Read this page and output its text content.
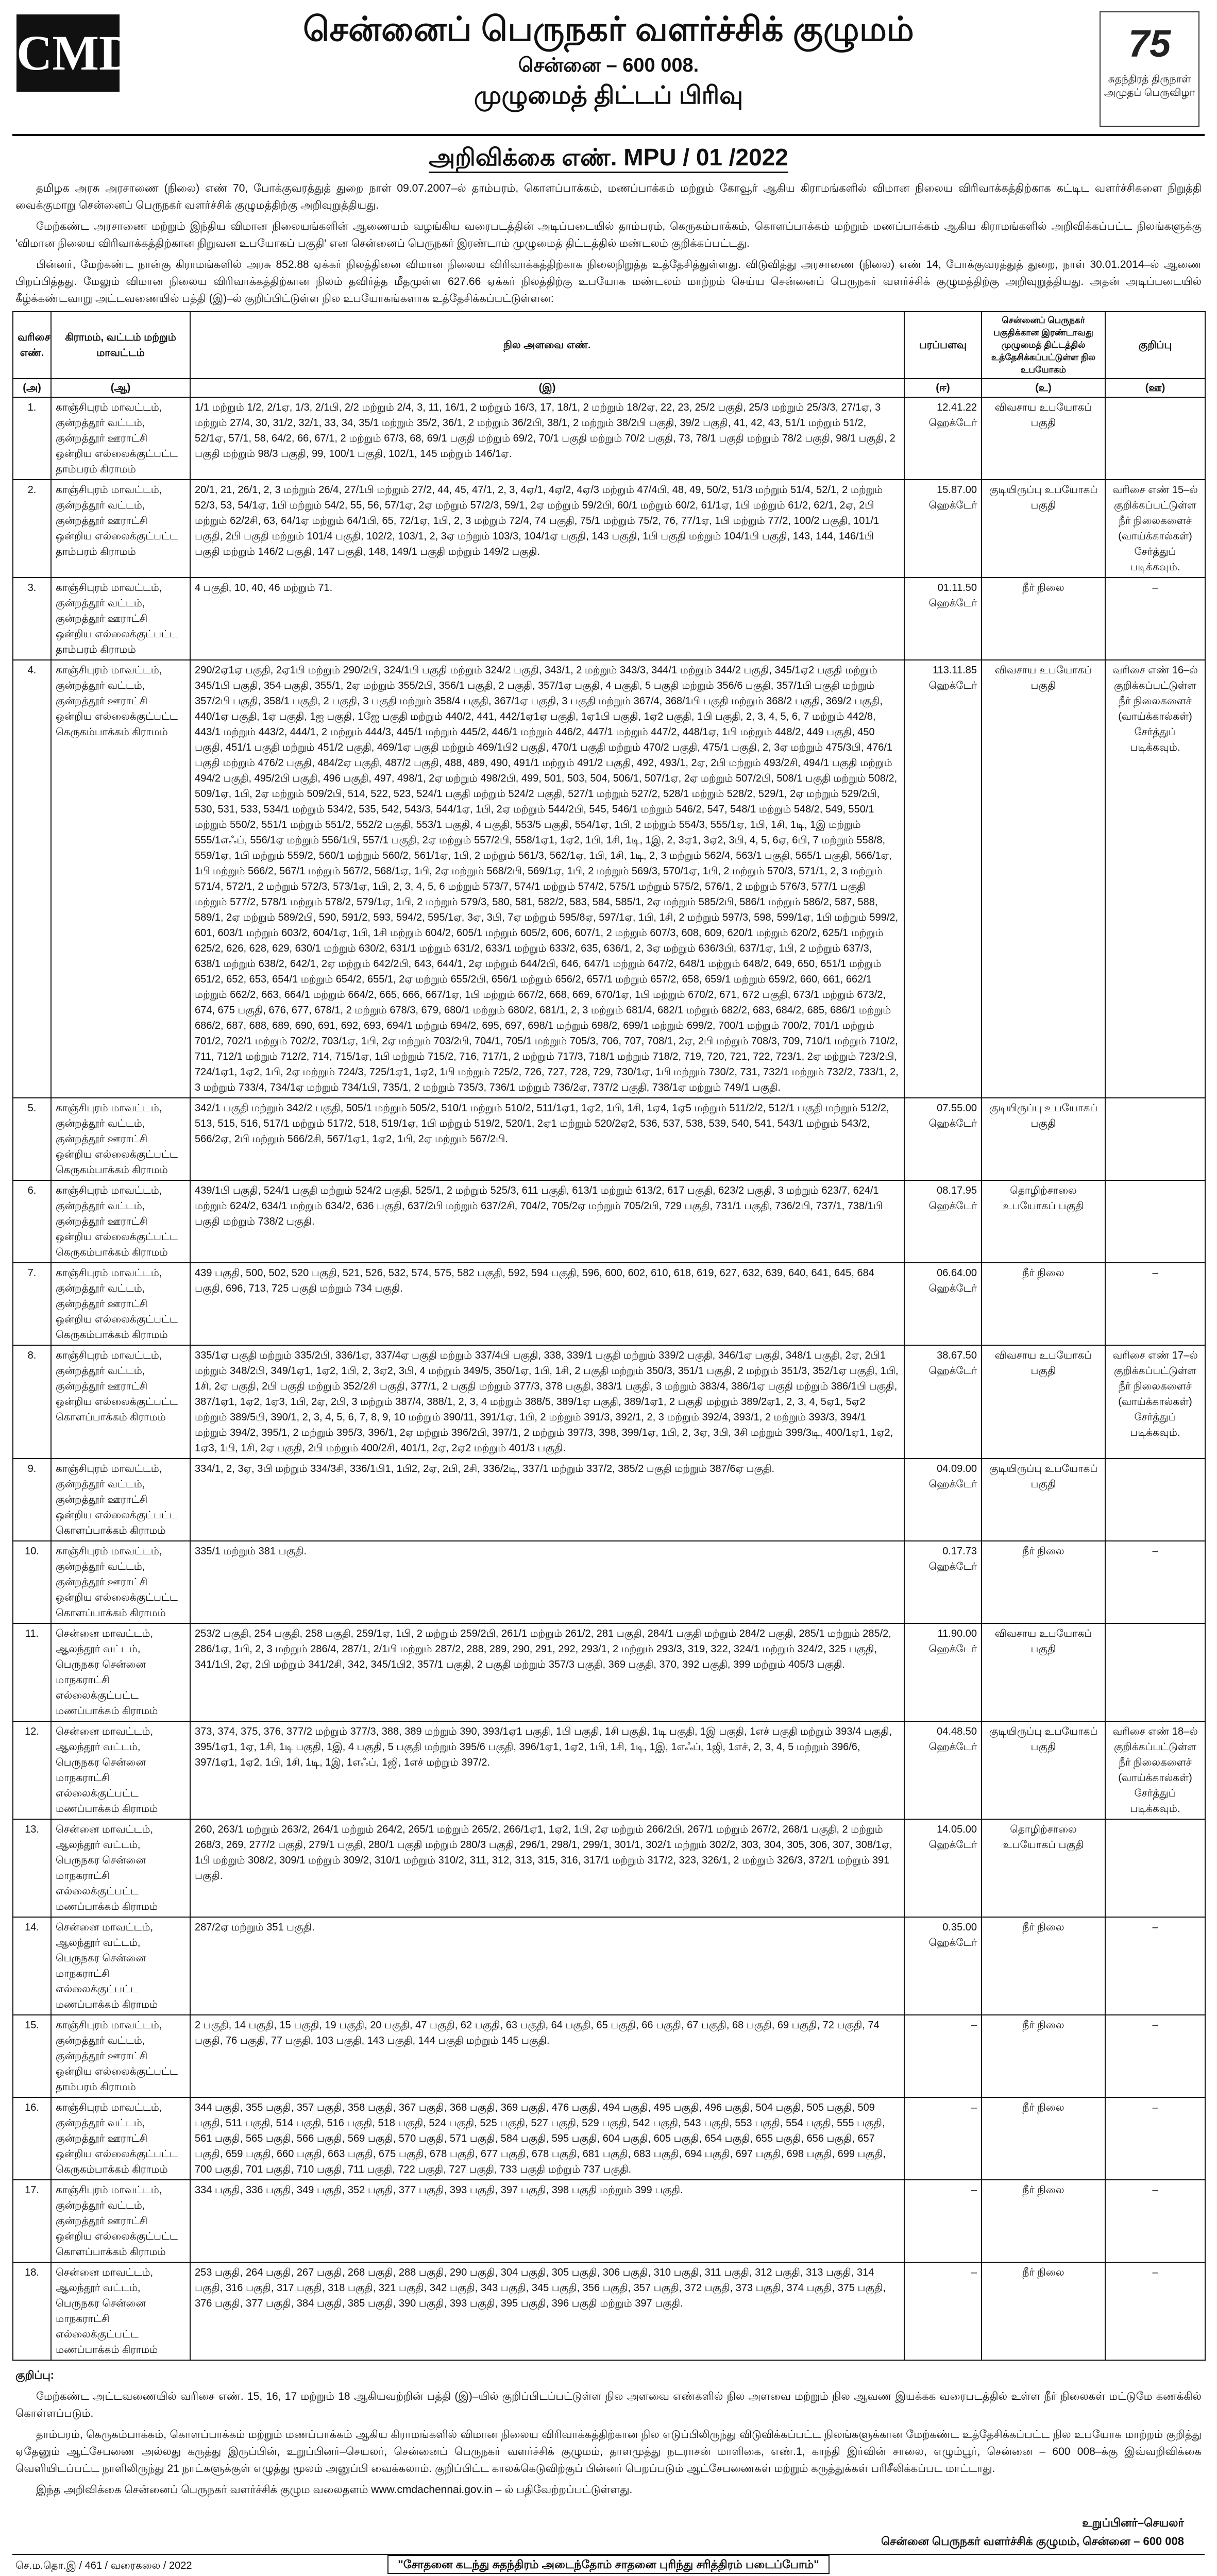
CMDA	சென்னைப் பெருநகர் வளர்ச்சிக் குழுமம்
சென்னை – 600 008.
முழுமைத் திட்டப் பிரிவு
75
சுதந்திரத் திருநாள் அமுதப் பெருவிழா
அறிவிக்கை எண். MPU / 01 /2022

தமிழக அரசு அரசாணை (நிலை) எண் 70, போக்குவரத்துத் துறை நாள் 09.07.2007–ல் தாம்பரம், கொளப்பாக்கம், மணப்பாக்கம் மற்றும் கோவூர் ஆகிய கிராமங்களில் விமான நிலைய விரிவாக்கத்திற்காக கட்டிட வளர்ச்சிகளை நிறுத்தி வைக்குமாறு சென்னைப் பெருநகர் வளர்ச்சிக் குழுமத்திற்கு அறிவுறுத்தியது.

மேற்கண்ட அரசாணை மற்றும் இந்திய விமான நிலையங்களின் ஆணையம் வழங்கிய வரைபடத்தின் அடிப்படையில் தாம்பரம், கெருகம்பாக்கம், கொளப்பாக்கம் மற்றும் மணப்பாக்கம் ஆகிய கிராமங்களில் அறிவிக்கப்பட்ட நிலங்களுக்கு 'விமான நிலைய விரிவாக்கத்திற்கான நிறுவன உபயோகப் பகுதி' என சென்னைப் பெருநகர் இரண்டாம் முழுமைத் திட்டத்தில் மண்டலம் குறிக்கப்பட்டது.

பின்னர், மேற்கண்ட நான்கு கிராமங்களில் அரசு 852.88 ஏக்கர் நிலத்தினை விமான நிலைய விரிவாக்கத்திற்காக நிலைநிறுத்த உத்தேசித்துள்ளது. விடுவித்து அரசாணை (நிலை) எண் 14, போக்குவரத்துத் துறை, நாள் 30.01.2014–ல் ஆணை பிறப்பித்தது. மேலும் விமான நிலைய விரிவாக்கத்திற்கான நிலம் தவிர்த்த மீதமுள்ள 627.66 ஏக்கர் நிலத்திற்கு உபயோக மண்டலம் மாற்றம் செய்ய சென்னைப் பெருநகர் வளர்ச்சிக் குழுமத்திற்கு அறிவுறுத்தியது. அதன் அடிப்படையில் கீழ்க்கண்டவாறு அட்டவணையில் பத்தி (இ)–ல் குறிப்பிட்டுள்ள நில உபயோகங்களாக உத்தேசிக்கப்பட்டுள்ளன:

வரிசை எண்.	கிராமம், வட்டம் மற்றும் மாவட்டம்	நில அளவை எண்.	பரப்பளவு	சென்னைப் பெருநகர் பகுதிக்கான இரண்டாவது முழுமைத் திட்டத்தில் உத்தேசிக்கப்பட்டுள்ள நில உபயோகம்	குறிப்பு
(அ)	(ஆ)	(இ)	(ஈ)	(உ)	(ஊ)
1.	காஞ்சிபுரம் மாவட்டம், குன்றத்தூர் வட்டம், குன்றத்தூர் ஊராட்சி ஒன்றிய எல்லைக்குட்பட்ட தாம்பரம் கிராமம்	1/1 மற்றும் 1/2, 2/1ஏ, 1/3, 2/1பி, 2/2 மற்றும் 2/4, 3, 11, 16/1, 2 மற்றும் 16/3, 17, 18/1, 2 மற்றும் 18/2ஏ, 22, 23, 25/2 பகுதி, 25/3 மற்றும் 25/3/3, 27/1ஏ, 3 மற்றும் 27/4, 30, 31/2, 32/1, 33, 34, 35/1 மற்றும் 35/2, 36/1, 2 மற்றும் 36/2பி, 38/1, 2 மற்றும் 38/2பி பகுதி, 39/2 பகுதி, 41, 42, 43, 51/1 மற்றும் 51/2, 52/1ஏ, 57/1, 58, 64/2, 66, 67/1, 2 மற்றும் 67/3, 68, 69/1 பகுதி மற்றும் 69/2, 70/1 பகுதி மற்றும் 70/2 பகுதி, 73, 78/1 பகுதி மற்றும் 78/2 பகுதி, 98/1 பகுதி, 2 பகுதி மற்றும் 98/3 பகுதி, 99, 100/1 பகுதி, 102/1, 145 மற்றும் 146/1ஏ.	12.41.22 ஹெக்டேர்	விவசாய உபயோகப் பகுதி	
2.	காஞ்சிபுரம் மாவட்டம், குன்றத்தூர் வட்டம், குன்றத்தூர் ஊராட்சி ஒன்றிய எல்லைக்குட்பட்ட தாம்பரம் கிராமம்	20/1, 21, 26/1, 2, 3 மற்றும் 26/4, 27/1பி மற்றும் 27/2, 44, 45, 47/1, 2, 3, 4ஏ/1, 4ஏ/2, 4ஏ/3 மற்றும் 47/4பி, 48, 49, 50/2, 51/3 மற்றும் 51/4, 52/1, 2 மற்றும் 52/3, 53, 54/1ஏ, 1பி மற்றும் 54/2, 55, 56, 57/1ஏ, 2ஏ மற்றும் 57/2/3, 59/1, 2ஏ மற்றும் 59/2பி, 60/1 மற்றும் 60/2, 61/1ஏ, 1பி மற்றும் 61/2, 62/1, 2ஏ, 2பி மற்றும் 62/2சி, 63, 64/1ஏ மற்றும் 64/1பி, 65, 72/1ஏ, 1பி, 2, 3 மற்றும் 72/4, 74 பகுதி, 75/1 மற்றும் 75/2, 76, 77/1ஏ, 1பி மற்றும் 77/2, 100/2 பகுதி, 101/1 பகுதி, 2பி பகுதி மற்றும் 101/4 பகுதி, 102/2, 103/1, 2, 3ஏ மற்றும் 103/3, 104/1ஏ பகுதி, 143 பகுதி, 1பி பகுதி மற்றும் 104/1பி பகுதி, 143, 144, 146/1பி பகுதி மற்றும் 146/2 பகுதி, 147 பகுதி, 148, 149/1 பகுதி மற்றும் 149/2 பகுதி.	15.87.00 ஹெக்டேர்	குடியிருப்பு உபயோகப் பகுதி	வரிசை எண் 15–ல் குறிக்கப்பட்டுள்ள நீர் நிலைகளைச் (வாய்க்கால்கள்) சேர்த்துப் படிக்கவும்.
3.	காஞ்சிபுரம் மாவட்டம், குன்றத்தூர் வட்டம், குன்றத்தூர் ஊராட்சி ஒன்றிய எல்லைக்குட்பட்ட தாம்பரம் கிராமம்	4 பகுதி, 10, 40, 46 மற்றும் 71.	01.11.50 ஹெக்டேர்	நீர் நிலை	–
4.	காஞ்சிபுரம் மாவட்டம், குன்றத்தூர் வட்டம், குன்றத்தூர் ஊராட்சி ஒன்றிய எல்லைக்குட்பட்ட கெருகம்பாக்கம் கிராமம்	290/2ஏ1ஏ பகுதி, 2ஏ1பி மற்றும் 290/2பி, 324/1பி பகுதி மற்றும் 324/2 பகுதி, 343/1, 2 மற்றும் 343/3, 344/1 மற்றும் 344/2 பகுதி, 345/1ஏ2 பகுதி மற்றும் 345/1பி பகுதி, 354 பகுதி, 355/1, 2ஏ மற்றும் 355/2பி, 356/1 பகுதி, 2 பகுதி, 357/1ஏ பகுதி, 4 பகுதி, 5 பகுதி மற்றும் 356/6 பகுதி, 357/1பி பகுதி மற்றும் 357/2பி பகுதி, 358/1 பகுதி, 2 பகுதி, 3 பகுதி மற்றும் 358/4 பகுதி, 367/1ஏ பகுதி, 3 பகுதி மற்றும் 367/4, 368/1பி பகுதி மற்றும் 368/2 பகுதி, 369/2 பகுதி, 440/1ஏ பகுதி, 1ஏ பகுதி, 1ஐ பகுதி, 1ஜே பகுதி மற்றும் 440/2, 441, 442/1ஏ1ஏ பகுதி, 1ஏ1பி பகுதி, 1ஏ2 பகுதி, 1பி பகுதி, 2, 3, 4, 5, 6, 7 மற்றும் 442/8, 443/1 மற்றும் 443/2, 444/1, 2 மற்றும் 444/3, 445/1 மற்றும் 445/2, 446/1 மற்றும் 446/2, 447/1 மற்றும் 447/2, 448/1ஏ, 1பி மற்றும் 448/2, 449 பகுதி, 450 பகுதி, 451/1 பகுதி மற்றும் 451/2 பகுதி, 469/1ஏ பகுதி மற்றும் 469/1பி2 பகுதி, 470/1 பகுதி மற்றும் 470/2 பகுதி, 475/1 பகுதி, 2, 3ஏ மற்றும் 475/3பி, 476/1 பகுதி மற்றும் 476/2 பகுதி, 484/2ஏ பகுதி, 487/2 பகுதி, 488, 489, 490, 491/1 மற்றும் 491/2 பகுதி, 492, 493/1, 2ஏ, 2பி மற்றும் 493/2சி, 494/1 பகுதி மற்றும் 494/2 பகுதி, 495/2பி பகுதி, 496 பகுதி, 497, 498/1, 2ஏ மற்றும் 498/2பி, 499, 501, 503, 504, 506/1, 507/1ஏ, 2ஏ மற்றும் 507/2பி, 508/1 பகுதி மற்றும் 508/2, 509/1ஏ, 1பி, 2ஏ மற்றும் 509/2பி, 514, 522, 523, 524/1 பகுதி மற்றும் 524/2 பகுதி, 527/1 மற்றும் 527/2, 528/1 மற்றும் 528/2, 529/1, 2ஏ மற்றும் 529/2பி, 530, 531, 533, 534/1 மற்றும் 534/2, 535, 542, 543/3, 544/1ஏ, 1பி, 2ஏ மற்றும் 544/2பி, 545, 546/1 மற்றும் 546/2, 547, 548/1 மற்றும் 548/2, 549, 550/1 மற்றும் 550/2, 551/1 மற்றும் 551/2, 552/2 பகுதி, 553/1 பகுதி, 4 பகுதி, 553/5 பகுதி, 554/1ஏ, 1பி, 2 மற்றும் 554/3, 555/1ஏ, 1பி, 1சி, 1டி, 1இ மற்றும் 555/1எஃப், 556/1ஏ மற்றும் 556/1பி, 557/1 பகுதி, 2ஏ மற்றும் 557/2பி, 558/1ஏ1, 1ஏ2, 1பி, 1சி, 1டி, 1இ, 2, 3ஏ1, 3ஏ2, 3பி, 4, 5, 6ஏ, 6பி, 7 மற்றும் 558/8, 559/1ஏ, 1பி மற்றும் 559/2, 560/1 மற்றும் 560/2, 561/1ஏ, 1பி, 2 மற்றும் 561/3, 562/1ஏ, 1பி, 1சி, 1டி, 2, 3 மற்றும் 562/4, 563/1 பகுதி, 565/1 பகுதி, 566/1ஏ, 1பி மற்றும் 566/2, 567/1 மற்றும் 567/2, 568/1ஏ, 1பி, 2ஏ மற்றும் 568/2பி, 569/1ஏ, 1பி, 2 மற்றும் 569/3, 570/1ஏ, 1பி, 2 மற்றும் 570/3, 571/1, 2, 3 மற்றும் 571/4, 572/1, 2 மற்றும் 572/3, 573/1ஏ, 1பி, 2, 3, 4, 5, 6 மற்றும் 573/7, 574/1 மற்றும் 574/2, 575/1 மற்றும் 575/2, 576/1, 2 மற்றும் 576/3, 577/1 பகுதி மற்றும் 577/2, 578/1 மற்றும் 578/2, 579/1ஏ, 1பி, 2 மற்றும் 579/3, 580, 581, 582/2, 583, 584, 585/1, 2ஏ மற்றும் 585/2பி, 586/1 மற்றும் 586/2, 587, 588, 589/1, 2ஏ மற்றும் 589/2பி, 590, 591/2, 593, 594/2, 595/1ஏ, 3ஏ, 3பி, 7ஏ மற்றும் 595/8ஏ, 597/1ஏ, 1பி, 1சி, 2 மற்றும் 597/3, 598, 599/1ஏ, 1பி மற்றும் 599/2, 601, 603/1 மற்றும் 603/2, 604/1ஏ, 1பி, 1சி மற்றும் 604/2, 605/1 மற்றும் 605/2, 606, 607/1, 2 மற்றும் 607/3, 608, 609, 620/1 மற்றும் 620/2, 625/1 மற்றும் 625/2, 626, 628, 629, 630/1 மற்றும் 630/2, 631/1 மற்றும் 631/2, 633/1 மற்றும் 633/2, 635, 636/1, 2, 3ஏ மற்றும் 636/3பி, 637/1ஏ, 1பி, 2 மற்றும் 637/3, 638/1 மற்றும் 638/2, 642/1, 2ஏ மற்றும் 642/2பி, 643, 644/1, 2ஏ மற்றும் 644/2பி, 646, 647/1 மற்றும் 647/2, 648/1 மற்றும் 648/2, 649, 650, 651/1 மற்றும் 651/2, 652, 653, 654/1 மற்றும் 654/2, 655/1, 2ஏ மற்றும் 655/2பி, 656/1 மற்றும் 656/2, 657/1 மற்றும் 657/2, 658, 659/1 மற்றும் 659/2, 660, 661, 662/1 மற்றும் 662/2, 663, 664/1 மற்றும் 664/2, 665, 666, 667/1ஏ, 1பி மற்றும் 667/2, 668, 669, 670/1ஏ, 1பி மற்றும் 670/2, 671, 672 பகுதி, 673/1 மற்றும் 673/2, 674, 675 பகுதி, 676, 677, 678/1, 2 மற்றும் 678/3, 679, 680/1 மற்றும் 680/2, 681/1, 2, 3 மற்றும் 681/4, 682/1 மற்றும் 682/2, 683, 684/2, 685, 686/1 மற்றும் 686/2, 687, 688, 689, 690, 691, 692, 693, 694/1 மற்றும் 694/2, 695, 697, 698/1 மற்றும் 698/2, 699/1 மற்றும் 699/2, 700/1 மற்றும் 700/2, 701/1 மற்றும் 701/2, 702/1 மற்றும் 702/2, 703/1ஏ, 1பி, 2ஏ மற்றும் 703/2பி, 704/1, 705/1 மற்றும் 705/3, 706, 707, 708/1, 2ஏ, 2பி மற்றும் 708/3, 709, 710/1 மற்றும் 710/2, 711, 712/1 மற்றும் 712/2, 714, 715/1ஏ, 1பி மற்றும் 715/2, 716, 717/1, 2 மற்றும் 717/3, 718/1 மற்றும் 718/2, 719, 720, 721, 722, 723/1, 2ஏ மற்றும் 723/2பி, 724/1ஏ1, 1ஏ2, 1பி, 2ஏ மற்றும் 724/3, 725/1ஏ1, 1ஏ2, 1பி மற்றும் 725/2, 726, 727, 728, 729, 730/1ஏ, 1பி மற்றும் 730/2, 731, 732/1 மற்றும் 732/2, 733/1, 2, 3 மற்றும் 733/4, 734/1ஏ மற்றும் 734/1பி, 735/1, 2 மற்றும் 735/3, 736/1 மற்றும் 736/2ஏ, 737/2 பகுதி, 738/1ஏ மற்றும் 749/1 பகுதி.	113.11.85 ஹெக்டேர்	விவசாய உபயோகப் பகுதி	வரிசை எண் 16–ல் குறிக்கப்பட்டுள்ள நீர் நிலைகளைச் (வாய்க்கால்கள்) சேர்த்துப் படிக்கவும்.
5.	காஞ்சிபுரம் மாவட்டம், குன்றத்தூர் வட்டம், குன்றத்தூர் ஊராட்சி ஒன்றிய எல்லைக்குட்பட்ட கெருகம்பாக்கம் கிராமம்	342/1 பகுதி மற்றும் 342/2 பகுதி, 505/1 மற்றும் 505/2, 510/1 மற்றும் 510/2, 511/1ஏ1, 1ஏ2, 1பி, 1சி, 1ஏ4, 1ஏ5 மற்றும் 511/2/2, 512/1 பகுதி மற்றும் 512/2, 513, 515, 516, 517/1 மற்றும் 517/2, 518, 519/1ஏ, 1பி மற்றும் 519/2, 520/1, 2ஏ1 மற்றும் 520/2ஏ2, 536, 537, 538, 539, 540, 541, 543/1 மற்றும் 543/2, 566/2ஏ, 2பி மற்றும் 566/2சி, 567/1ஏ1, 1ஏ2, 1பி, 2ஏ மற்றும் 567/2பி.	07.55.00 ஹெக்டேர்	குடியிருப்பு உபயோகப் பகுதி	
6.	காஞ்சிபுரம் மாவட்டம், குன்றத்தூர் வட்டம், குன்றத்தூர் ஊராட்சி ஒன்றிய எல்லைக்குட்பட்ட கெருகம்பாக்கம் கிராமம்	439/1பி பகுதி, 524/1 பகுதி மற்றும் 524/2 பகுதி, 525/1, 2 மற்றும் 525/3, 611 பகுதி, 613/1 மற்றும் 613/2, 617 பகுதி, 623/2 பகுதி, 3 மற்றும் 623/7, 624/1 மற்றும் 624/2, 634/1 மற்றும் 634/2, 636 பகுதி, 637/2பி மற்றும் 637/2சி, 704/2, 705/2ஏ மற்றும் 705/2பி, 729 பகுதி, 731/1 பகுதி, 736/2பி, 737/1, 738/1பி பகுதி மற்றும் 738/2 பகுதி.	08.17.95 ஹெக்டேர்	தொழிற்சாலை உபயோகப் பகுதி	
7.	காஞ்சிபுரம் மாவட்டம், குன்றத்தூர் வட்டம், குன்றத்தூர் ஊராட்சி ஒன்றிய எல்லைக்குட்பட்ட கெருகம்பாக்கம் கிராமம்	439 பகுதி, 500, 502, 520 பகுதி, 521, 526, 532, 574, 575, 582 பகுதி, 592, 594 பகுதி, 596, 600, 602, 610, 618, 619, 627, 632, 639, 640, 641, 645, 684 பகுதி, 696, 713, 725 பகுதி மற்றும் 734 பகுதி.	06.64.00 ஹெக்டேர்	நீர் நிலை	–
8.	காஞ்சிபுரம் மாவட்டம், குன்றத்தூர் வட்டம், குன்றத்தூர் ஊராட்சி ஒன்றிய எல்லைக்குட்பட்ட கொளப்பாக்கம் கிராமம்	335/1ஏ பகுதி மற்றும் 335/2பி, 336/1ஏ, 337/4ஏ பகுதி மற்றும் 337/4பி பகுதி, 338, 339/1 பகுதி மற்றும் 339/2 பகுதி, 346/1ஏ பகுதி, 348/1 பகுதி, 2ஏ, 2பி1 மற்றும் 348/2பி, 349/1ஏ1, 1ஏ2, 1பி, 2, 3ஏ2, 3பி, 4 மற்றும் 349/5, 350/1ஏ, 1பி, 1சி, 2 பகுதி மற்றும் 350/3, 351/1 பகுதி, 2 மற்றும் 351/3, 352/1ஏ பகுதி, 1பி, 1சி, 2ஏ பகுதி, 2பி பகுதி மற்றும் 352/2சி பகுதி, 377/1, 2 பகுதி மற்றும் 377/3, 378 பகுதி, 383/1 பகுதி, 3 மற்றும் 383/4, 386/1ஏ பகுதி மற்றும் 386/1பி பகுதி, 387/1ஏ1, 1ஏ2, 1ஏ3, 1பி, 2ஏ, 2பி, 3 மற்றும் 387/4, 388/1, 2, 3, 4 மற்றும் 388/5, 389/1ஏ பகுதி, 389/1ஏ1, 2 பகுதி மற்றும் 389/2ஏ1, 2, 3, 4, 5ஏ1, 5ஏ2 மற்றும் 389/5பி, 390/1, 2, 3, 4, 5, 6, 7, 8, 9, 10 மற்றும் 390/11, 391/1ஏ, 1பி, 2 மற்றும் 391/3, 392/1, 2, 3 மற்றும் 392/4, 393/1, 2 மற்றும் 393/3, 394/1 மற்றும் 394/2, 395/1, 2 மற்றும் 395/3, 396/1, 2ஏ மற்றும் 396/2பி, 397/1, 2 மற்றும் 397/3, 398, 399/1ஏ, 1பி, 2, 3ஏ, 3பி, 3சி மற்றும் 399/3டி, 400/1ஏ1, 1ஏ2, 1ஏ3, 1பி, 1சி, 2ஏ பகுதி, 2பி மற்றும் 400/2சி, 401/1, 2ஏ, 2ஏ2 மற்றும் 401/3 பகுதி.	38.67.50 ஹெக்டேர்	விவசாய உபயோகப் பகுதி	வரிசை எண் 17–ல் குறிக்கப்பட்டுள்ள நீர் நிலைகளைச் (வாய்க்கால்கள்) சேர்த்துப் படிக்கவும்.
9.	காஞ்சிபுரம் மாவட்டம், குன்றத்தூர் வட்டம், குன்றத்தூர் ஊராட்சி ஒன்றிய எல்லைக்குட்பட்ட கொளப்பாக்கம் கிராமம்	334/1, 2, 3ஏ, 3பி மற்றும் 334/3சி, 336/1பி1, 1பி2, 2ஏ, 2பி, 2சி, 336/2டி, 337/1 மற்றும் 337/2, 385/2 பகுதி மற்றும் 387/6ஏ பகுதி.	04.09.00 ஹெக்டேர்	குடியிருப்பு உபயோகப் பகுதி	
10.	காஞ்சிபுரம் மாவட்டம், குன்றத்தூர் வட்டம், குன்றத்தூர் ஊராட்சி ஒன்றிய எல்லைக்குட்பட்ட கொளப்பாக்கம் கிராமம்	335/1 மற்றும் 381 பகுதி.	0.17.73 ஹெக்டேர்	நீர் நிலை	–
11.	சென்னை மாவட்டம், ஆலந்தூர் வட்டம், பெருநகர சென்னை மாநகராட்சி எல்லைக்குட்பட்ட மணப்பாக்கம் கிராமம்	253/2 பகுதி, 254 பகுதி, 258 பகுதி, 259/1ஏ, 1பி, 2 மற்றும் 259/2பி, 261/1 மற்றும் 261/2, 281 பகுதி, 284/1 பகுதி மற்றும் 284/2 பகுதி, 285/1 மற்றும் 285/2, 286/1ஏ, 1பி, 2, 3 மற்றும் 286/4, 287/1, 2/1பி மற்றும் 287/2, 288, 289, 290, 291, 292, 293/1, 2 மற்றும் 293/3, 319, 322, 324/1 மற்றும் 324/2, 325 பகுதி, 341/1பி, 2ஏ, 2பி மற்றும் 341/2சி, 342, 345/1பி2, 357/1 பகுதி, 2 பகுதி மற்றும் 357/3 பகுதி, 369 பகுதி, 370, 392 பகுதி, 399 மற்றும் 405/3 பகுதி.	11.90.00 ஹெக்டேர்	விவசாய உபயோகப் பகுதி	
12.	சென்னை மாவட்டம், ஆலந்தூர் வட்டம், பெருநகர சென்னை மாநகராட்சி எல்லைக்குட்பட்ட மணப்பாக்கம் கிராமம்	373, 374, 375, 376, 377/2 மற்றும் 377/3, 388, 389 மற்றும் 390, 393/1ஏ1 பகுதி, 1பி பகுதி, 1சி பகுதி, 1டி பகுதி, 1இ பகுதி, 1எச் பகுதி மற்றும் 393/4 பகுதி, 395/1ஏ1, 1ஏ, 1சி, 1டி பகுதி, 1இ, 4 பகுதி, 5 பகுதி மற்றும் 395/6 பகுதி, 396/1ஏ1, 1ஏ2, 1பி, 1சி, 1டி, 1இ, 1எஃப், 1ஜி, 1எச், 2, 3, 4, 5 மற்றும் 396/6, 397/1ஏ1, 1ஏ2, 1பி, 1சி, 1டி, 1இ, 1எஃப், 1ஜி, 1எச் மற்றும் 397/2.	04.48.50 ஹெக்டேர்	குடியிருப்பு உபயோகப் பகுதி	வரிசை எண் 18–ல் குறிக்கப்பட்டுள்ள நீர் நிலைகளைச் (வாய்க்கால்கள்) சேர்த்துப் படிக்கவும்.
13.	சென்னை மாவட்டம், ஆலந்தூர் வட்டம், பெருநகர சென்னை மாநகராட்சி எல்லைக்குட்பட்ட மணப்பாக்கம் கிராமம்	260, 263/1 மற்றும் 263/2, 264/1 மற்றும் 264/2, 265/1 மற்றும் 265/2, 266/1ஏ1, 1ஏ2, 1பி, 2ஏ மற்றும் 266/2பி, 267/1 மற்றும் 267/2, 268/1 பகுதி, 2 மற்றும் 268/3, 269, 277/2 பகுதி, 279/1 பகுதி, 280/1 பகுதி மற்றும் 280/3 பகுதி, 296/1, 298/1, 299/1, 301/1, 302/1 மற்றும் 302/2, 303, 304, 305, 306, 307, 308/1ஏ, 1பி மற்றும் 308/2, 309/1 மற்றும் 309/2, 310/1 மற்றும் 310/2, 311, 312, 313, 315, 316, 317/1 மற்றும் 317/2, 323, 326/1, 2 மற்றும் 326/3, 372/1 மற்றும் 391 பகுதி.	14.05.00 ஹெக்டேர்	தொழிற்சாலை உபயோகப் பகுதி	
14.	சென்னை மாவட்டம், ஆலந்தூர் வட்டம், பெருநகர சென்னை மாநகராட்சி எல்லைக்குட்பட்ட மணப்பாக்கம் கிராமம்	287/2ஏ மற்றும் 351 பகுதி.	0.35.00 ஹெக்டேர்	நீர் நிலை	–
15.	காஞ்சிபுரம் மாவட்டம், குன்றத்தூர் வட்டம், குன்றத்தூர் ஊராட்சி ஒன்றிய எல்லைக்குட்பட்ட தாம்பரம் கிராமம்	2 பகுதி, 14 பகுதி, 15 பகுதி, 19 பகுதி, 20 பகுதி, 47 பகுதி, 62 பகுதி, 63 பகுதி, 64 பகுதி, 65 பகுதி, 66 பகுதி, 67 பகுதி, 68 பகுதி, 69 பகுதி, 72 பகுதி, 74 பகுதி, 76 பகுதி, 77 பகுதி, 103 பகுதி, 143 பகுதி, 144 பகுதி மற்றும் 145 பகுதி.	–	நீர் நிலை	–
16.	காஞ்சிபுரம் மாவட்டம், குன்றத்தூர் வட்டம், குன்றத்தூர் ஊராட்சி ஒன்றிய எல்லைக்குட்பட்ட கெருகம்பாக்கம் கிராமம்	344 பகுதி, 355 பகுதி, 357 பகுதி, 358 பகுதி, 367 பகுதி, 368 பகுதி, 369 பகுதி, 476 பகுதி, 494 பகுதி, 495 பகுதி, 496 பகுதி, 504 பகுதி, 505 பகுதி, 509 பகுதி, 511 பகுதி, 514 பகுதி, 516 பகுதி, 518 பகுதி, 524 பகுதி, 525 பகுதி, 527 பகுதி, 529 பகுதி, 542 பகுதி, 543 பகுதி, 553 பகுதி, 554 பகுதி, 555 பகுதி, 561 பகுதி, 565 பகுதி, 566 பகுதி, 569 பகுதி, 570 பகுதி, 571 பகுதி, 584 பகுதி, 595 பகுதி, 604 பகுதி, 605 பகுதி, 654 பகுதி, 655 பகுதி, 656 பகுதி, 657 பகுதி, 659 பகுதி, 660 பகுதி, 663 பகுதி, 675 பகுதி, 678 பகுதி, 677 பகுதி, 678 பகுதி, 681 பகுதி, 683 பகுதி, 694 பகுதி, 697 பகுதி, 698 பகுதி, 699 பகுதி, 700 பகுதி, 701 பகுதி, 710 பகுதி, 711 பகுதி, 722 பகுதி, 727 பகுதி, 733 பகுதி மற்றும் 737 பகுதி.	–	நீர் நிலை	–
17.	காஞ்சிபுரம் மாவட்டம், குன்றத்தூர் வட்டம், குன்றத்தூர் ஊராட்சி ஒன்றிய எல்லைக்குட்பட்ட கொளப்பாக்கம் கிராமம்	334 பகுதி, 336 பகுதி, 349 பகுதி, 352 பகுதி, 377 பகுதி, 393 பகுதி, 397 பகுதி, 398 பகுதி மற்றும் 399 பகுதி.	–	நீர் நிலை	–
18.	சென்னை மாவட்டம், ஆலந்தூர் வட்டம், பெருநகர சென்னை மாநகராட்சி எல்லைக்குட்பட்ட மணப்பாக்கம் கிராமம்	253 பகுதி, 264 பகுதி, 267 பகுதி, 268 பகுதி, 288 பகுதி, 290 பகுதி, 304 பகுதி, 305 பகுதி, 306 பகுதி, 310 பகுதி, 311 பகுதி, 312 பகுதி, 313 பகுதி, 314 பகுதி, 316 பகுதி, 317 பகுதி, 318 பகுதி, 321 பகுதி, 342 பகுதி, 343 பகுதி, 345 பகுதி, 356 பகுதி, 357 பகுதி, 372 பகுதி, 373 பகுதி, 374 பகுதி, 375 பகுதி, 376 பகுதி, 377 பகுதி, 384 பகுதி, 385 பகுதி, 390 பகுதி, 393 பகுதி, 395 பகுதி, 396 பகுதி மற்றும் 397 பகுதி.	–	நீர் நிலை	–

குறிப்பு:

மேற்கண்ட அட்டவணையில் வரிசை எண். 15, 16, 17 மற்றும் 18 ஆகியவற்றின் பத்தி (இ)–யில் குறிப்பிடப்பட்டுள்ள நில அளவை எண்களில் நில அளவை மற்றும் நில ஆவண இயக்கக வரைபடத்தில் உள்ள நீர் நிலைகள் மட்டுமே கணக்கில் கொள்ளப்படும்.

தாம்பரம், கெருகம்பாக்கம், கொளப்பாக்கம் மற்றும் மணப்பாக்கம் ஆகிய கிராமங்களில் விமான நிலைய விரிவாக்கத்திற்கான நில எடுப்பிலிருந்து விடுவிக்கப்பட்ட நிலங்களுக்கான மேற்கண்ட உத்தேசிக்கப்பட்ட நில உபயோக மாற்றம் குறித்து ஏதேனும் ஆட்சேபணை அல்லது கருத்து இருப்பின், உறுப்பினர்–செயலர், சென்னைப் பெருநகர் வளர்ச்சிக் குழுமம், தாளமுத்து நடராசன் மாளிகை, எண்.1, காந்தி இர்வின் சாலை, எழும்பூர், சென்னை – 600 008–க்கு இவ்வறிவிக்கை வெளியிடப்பட்ட நாளிலிருந்து 21 நாட்களுக்குள் எழுத்து மூலம் அனுப்பி வைக்கலாம். குறிப்பிட்ட காலக்கெடுவிற்குப் பின்னர் பெறப்படும் ஆட்சேபணைகள் மற்றும் கருத்துக்கள் பரிசீலிக்கப்பட மாட்டாது.

இந்த அறிவிக்கை சென்னைப் பெருநகர் வளர்ச்சிக் குழும வலைதளம் www.cmdachennai.gov.in – ல் பதிவேற்றப்பட்டுள்ளது.

உறுப்பினர்–செயலர்
சென்னை பெருநகர் வளர்ச்சிக் குழுமம், சென்னை – 600 008
செ.ம.தொ.இ / 461 / வரைகலை / 2022	"சோதனை கடந்து சுதந்திரம் அடைந்தோம் சாதனை புரிந்து சரித்திரம் படைப்போம்"
